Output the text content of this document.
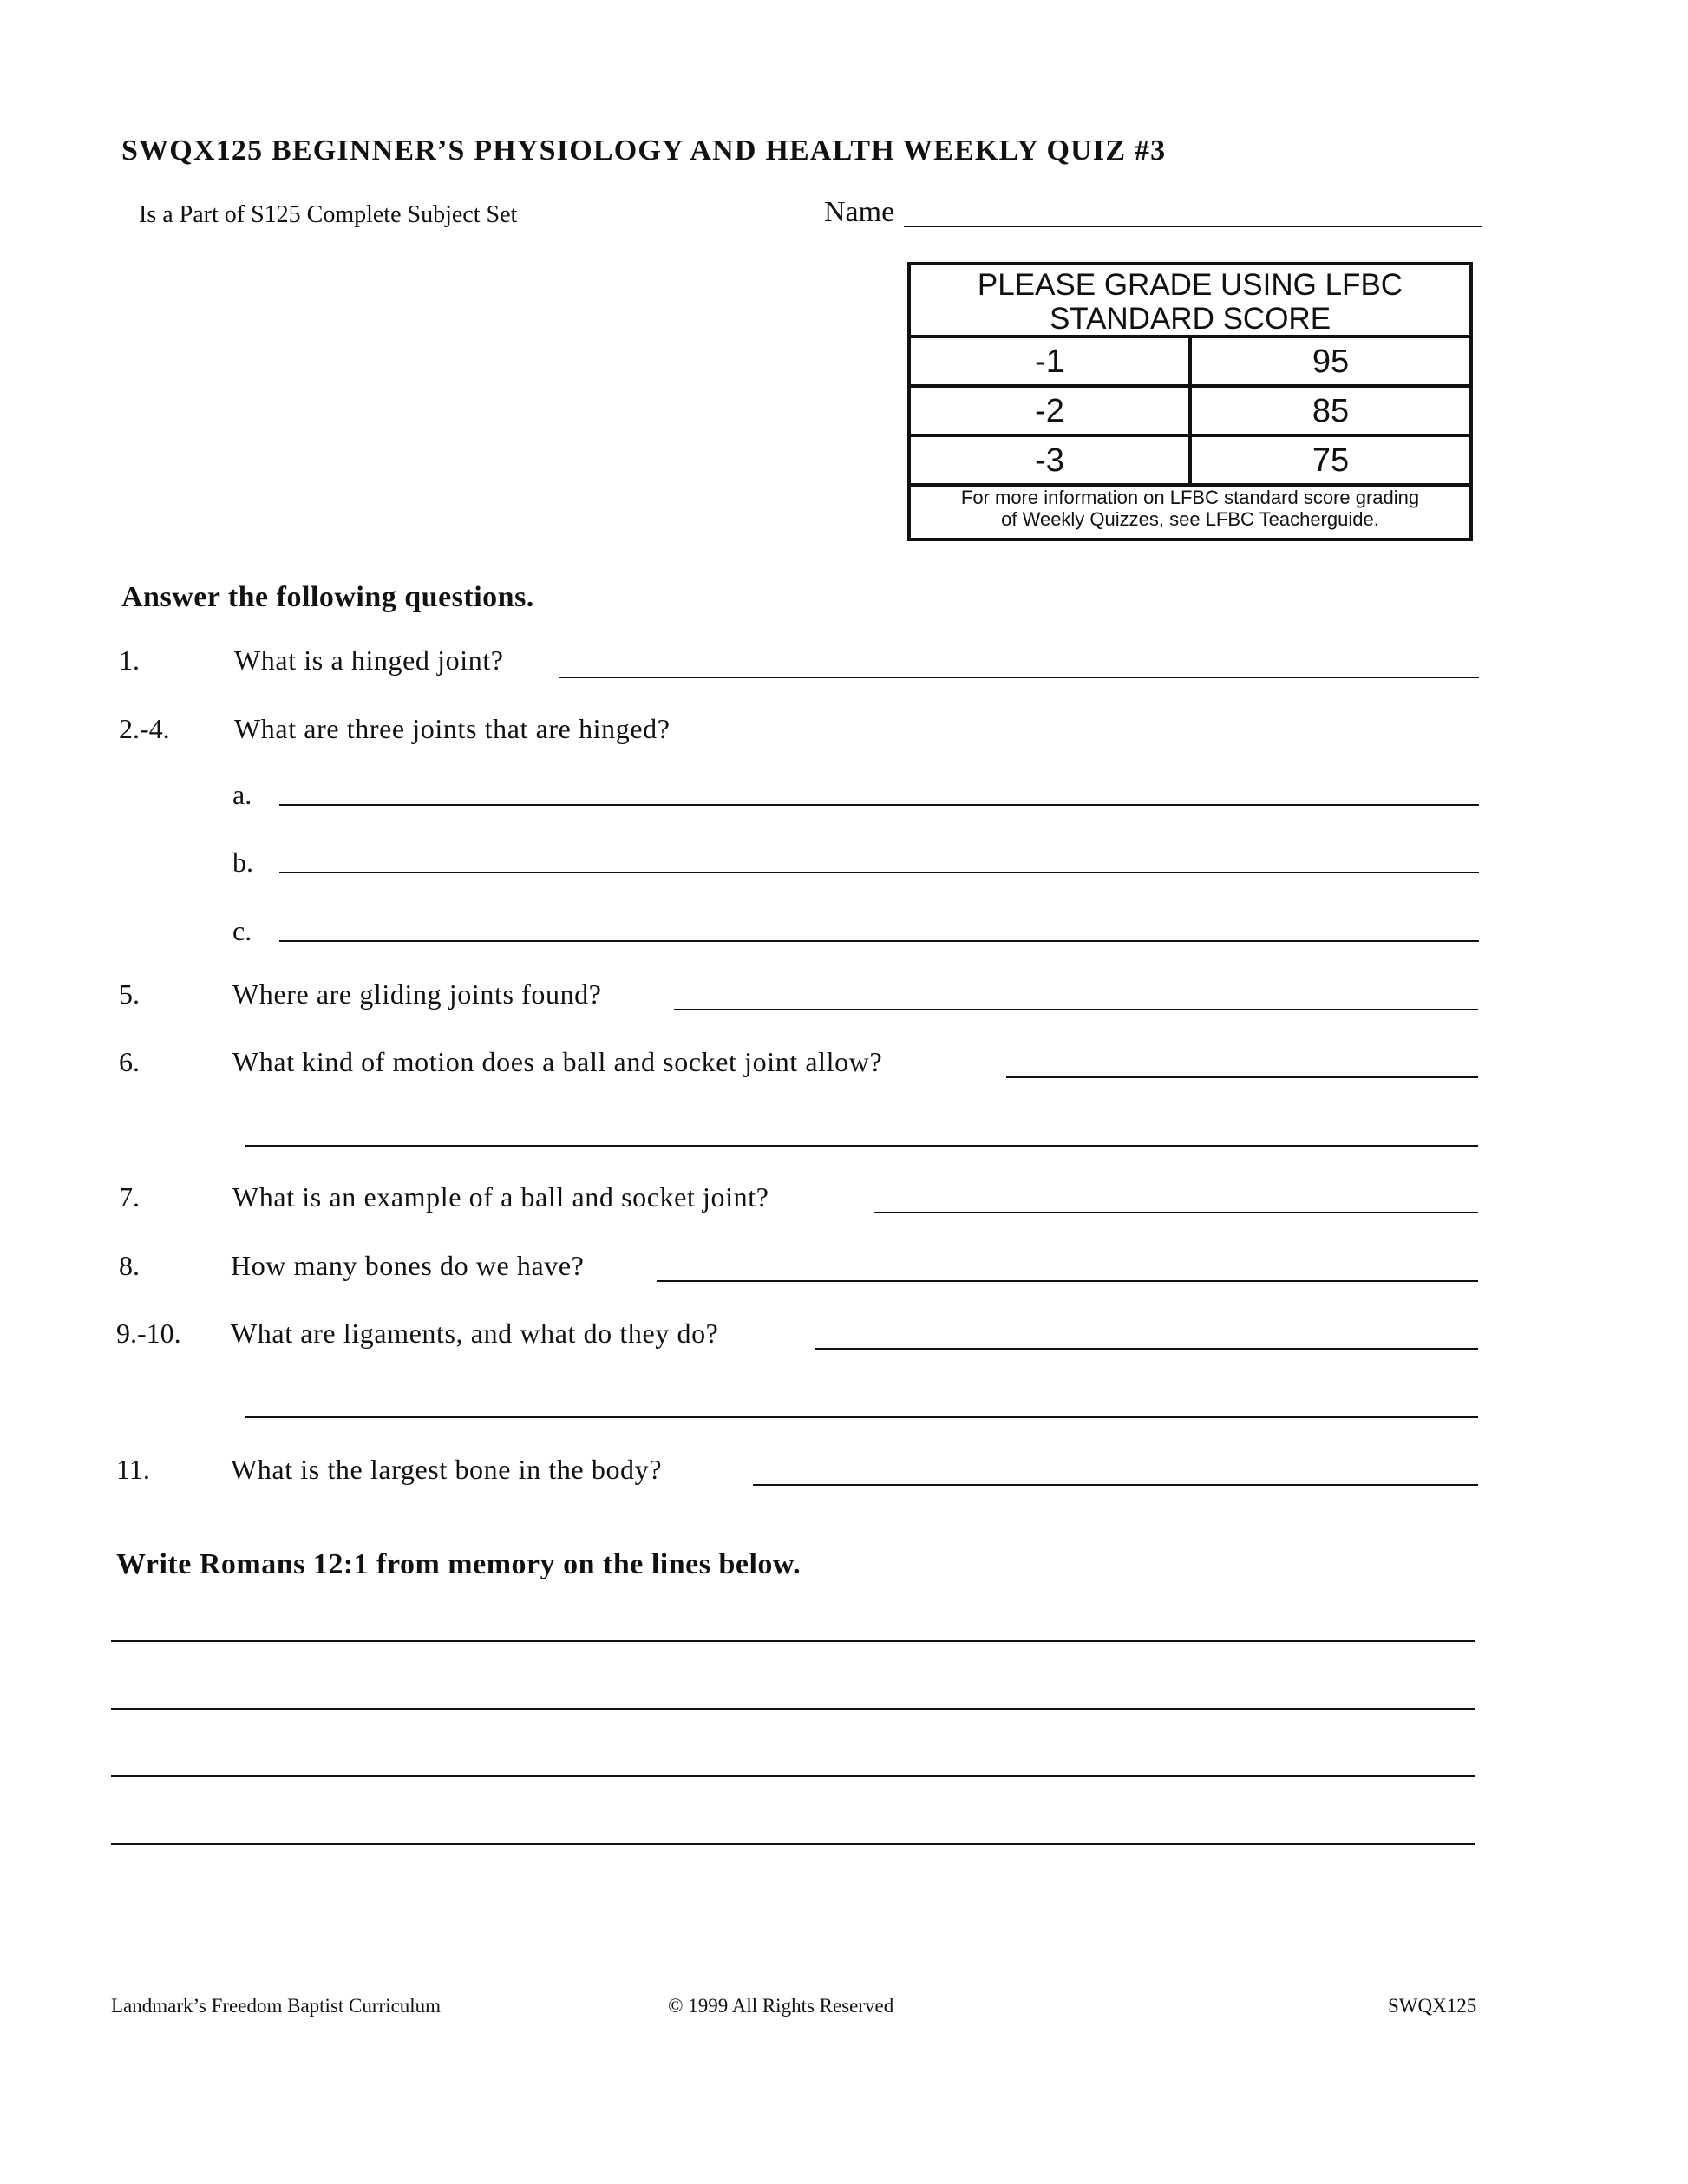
SWQX125 BEGINNER’S PHYSIOLOGY AND HEALTH WEEKLY QUIZ #3
Is a Part of S125 Complete Subject Set	Name
PLEASE GRADE USING LFBC
STANDARD SCORE
-1	95
-2	85
-3	75
For more information on LFBC standard score grading
of Weekly Quizzes, see LFBC Teacherguide.
Answer the following questions.
1.	What is a hinged joint?
2.-4. What are three joints that are hinged?
a.
b.
c.
5.	Where are gliding joints found?
6.	What kind of motion does a ball and socket joint allow?
7.	What is an example of a ball and socket joint?
8.	How many bones do we have?
9.-10. What are ligaments, and what do they do?
11.	What is the largest bone in the body?
Write Romans 12:1 from memory on the lines below.
Landmark’s Freedom Baptist Curriculum	© 1999 All Rights Reserved	SWQX125
